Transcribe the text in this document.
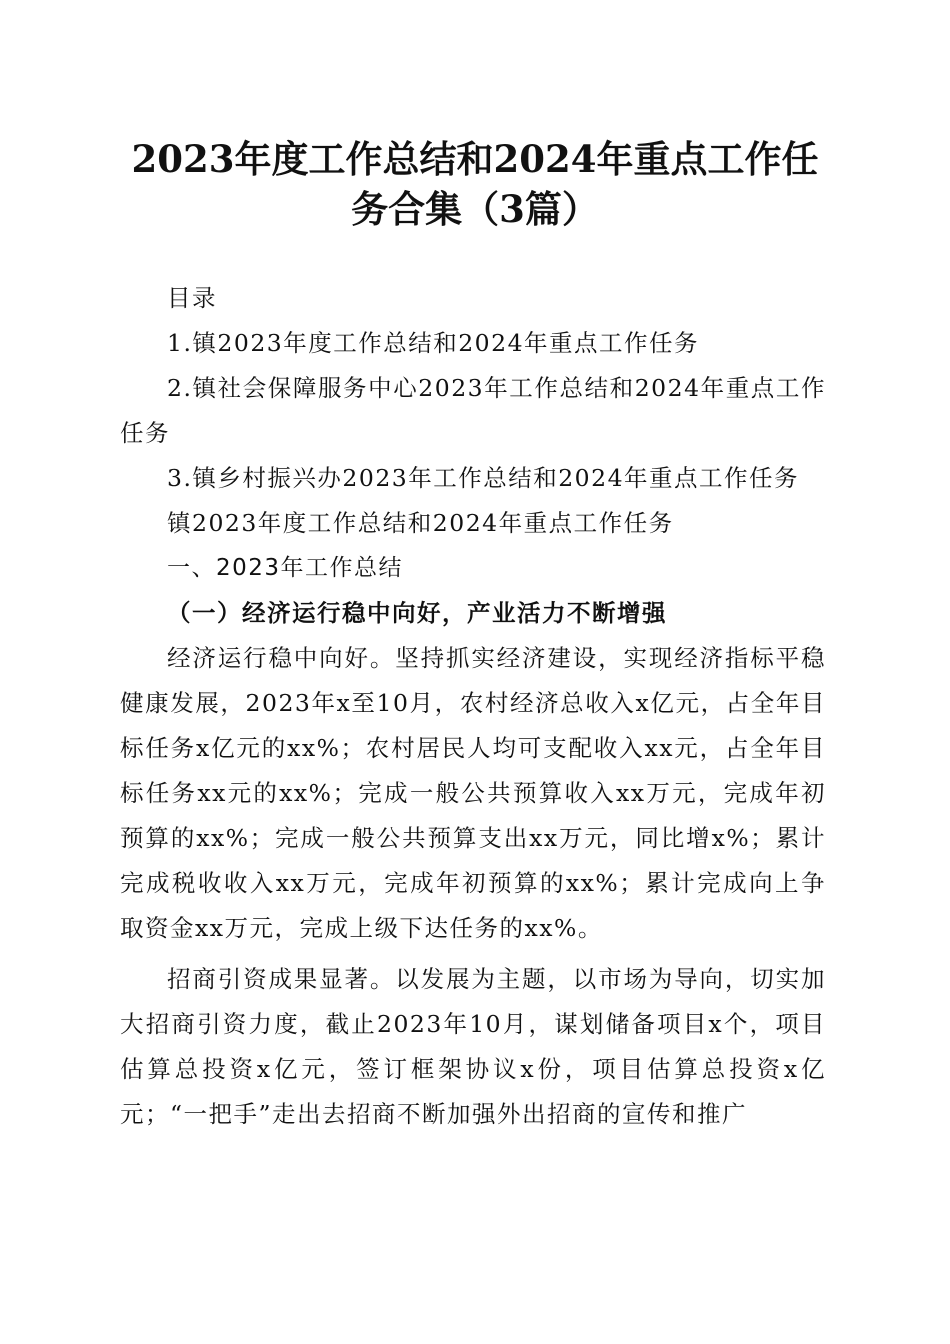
2023年度工作总结和2024年重点工作任务合集（3篇）

目录

1.镇2023年度工作总结和2024年重点工作任务

2.镇社会保障服务中心2023年工作总结和2024年重点工作任务

3.镇乡村振兴办2023年工作总结和2024年重点工作任务

镇2023年度工作总结和2024年重点工作任务

一、2023年工作总结

（一）经济运行稳中向好，产业活力不断增强

经济运行稳中向好。坚持抓实经济建设，实现经济指标平稳健康发展，2023年x至10月，农村经济总收入x亿元，占全年目标任务x亿元的xx%；农村居民人均可支配收入xx元，占全年目标任务xx元的xx%；完成一般公共预算收入xx万元，完成年初预算的xx%；完成一般公共预算支出xx万元，同比增x%；累计完成税收收入xx万元，完成年初预算的xx%；累计完成向上争取资金xx万元，完成上级下达任务的xx%。

招商引资成果显著。以发展为主题，以市场为导向，切实加大招商引资力度，截止2023年10月，谋划储备项目x个，项目估算总投资x亿元，签订框架协议x份，项目估算总投资x亿元；“一把手”走出去招商不断加强外出招商的宣传和推广
